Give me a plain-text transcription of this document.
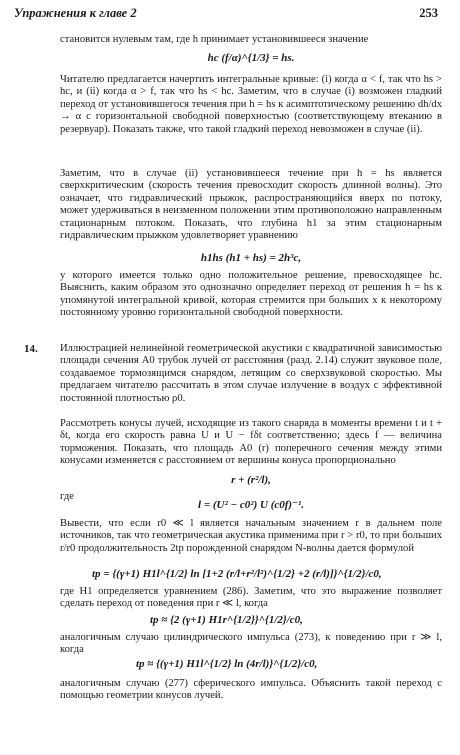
Упражнения к главе 2	253

становится нулевым там, где h принимает установившееся значение

hc (f/α)^{1/3} = hs.

Читателю предлагается начертить интегральные кривые: (i) когда α < f, так что hs > hc, и (ii) когда α > f, так что hs < hc. Заметим, что в случае (i) возможен гладкий переход от установившегося течения при h = hs к асимптотическому решению dh/dx → α с горизонтальной свободной поверхностью (соответствующему втеканию в резервуар). Показать также, что такой гладкий переход невозможен в случае (ii).

Заметим, что в случае (ii) установившееся течение при h = hs является сверхкритическим (скорость течения превосходит скорость длинной волны). Это означает, что гидравлический прыжок, распространяющийся вверх по потоку, может удерживаться в неизменном положении этим противоположно направленным стационарным потоком. Показать, что глубина h1 за этим стационарным гидравлическим прыжком удовлетворяет уравнению

h1hs (h1 + hs) = 2h³c,

у которого имеется только одно положительное решение, превосходящее hc. Выяснить, каким образом это однозначно определяет переход от решения h = hs к упомянутой интегральной кривой, которая стремится при больших x к некоторому постоянному уровню горизонтальной свободной поверхности.

14. Иллюстрацией нелинейной геометрической акустики с квадратичной зависимостью площади сечения A0 трубок лучей от расстояния (разд. 2.14) служит звуковое поле, создаваемое тормозящимся снарядом, летящим со сверхзвуковой скоростью. Мы предлагаем читателю рассчитать в этом случае излучение в воздух с эффективной постоянной плотностью ρ0.

Рассмотреть конусы лучей, исходящие из такого снаряда в моменты времени t и t + δt, когда его скорость равна U и U − fδt соответственно; здесь f — величина торможения. Показать, что площадь A0 (r) поперечного сечения между этими конусами изменяется с расстоянием от вершины конуса пропорционально

r + (r²/l),
где
l = (U² − c0²) U (c0f)⁻¹.

Вывести, что если r0 ≪ l является начальным значением r в дальнем поле источников, так что геометрическая акустика применима при r > r0, то при больших r/r0 продолжительность 2tp порожденной снарядом N-волны дается формулой

tp = {(γ+1) H1l^{1/2} ln [1+2 (r/l+r²/l²)^{1/2} +2 (r/l)]}^{1/2}/c0,

где H1 определяется уравнением (286). Заметим, что это выражение позволяет сделать переход от поведения при r ≪ l, когда

tp ≈ {2 (γ+1) H1r^{1/2}}^{1/2}/c0,

аналогичным случаю цилиндрического импульса (273), к поведению при r ≫ l, когда

tp ≈ {(γ+1) H1l^{1/2} ln (4r/l)}^{1/2}/c0,

аналогичным случаю (277) сферического импульса. Объяснить такой переход с помощью геометрии конусов лучей.
